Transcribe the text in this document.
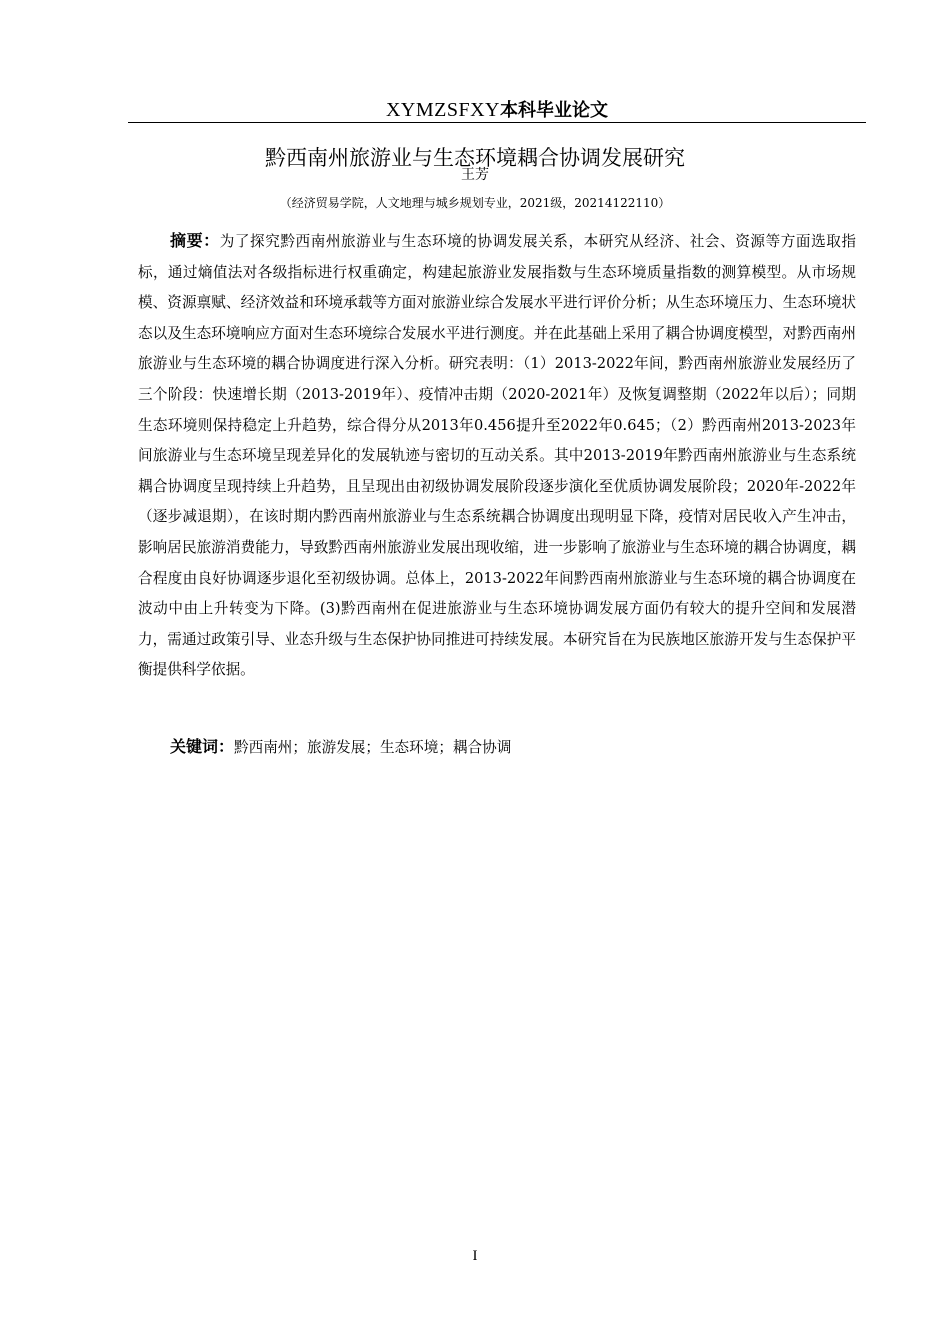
XYMZSFXY本科毕业论文
黔西南州旅游业与生态环境耦合协调发展研究
王芳
（经济贸易学院，人文地理与城乡规划专业，2021级，20214122110）

摘要：为了探究黔西南州旅游业与生态环境的协调发展关系，本研究从经济、社会、资源等方面选取指标，通过熵值法对各级指标进行权重确定，构建起旅游业发展指数与生态环境质量指数的测算模型。从市场规模、资源禀赋、经济效益和环境承载等方面对旅游业综合发展水平进行评价分析；从生态环境压力、生态环境状态以及生态环境响应方面对生态环境综合发展水平进行测度。并在此基础上采用了耦合协调度模型，对黔西南州旅游业与生态环境的耦合协调度进行深入分析。研究表明：（1）2013-2022年间，黔西南州旅游业发展经历了三个阶段：快速增长期（2013-2019年）、疫情冲击期（2020-2021年）及恢复调整期（2022年以后）；同期生态环境则保持稳定上升趋势，综合得分从2013年0.456提升至2022年0.645；（2）黔西南州2013-2023年间旅游业与生态环境呈现差异化的发展轨迹与密切的互动关系。其中2013-2019年黔西南州旅游业与生态系统耦合协调度呈现持续上升趋势，且呈现出由初级协调发展阶段逐步演化至优质协调发展阶段；2020年-2022年（逐步减退期），在该时期内黔西南州旅游业与生态系统耦合协调度出现明显下降，疫情对居民收入产生冲击，影响居民旅游消费能力，导致黔西南州旅游业发展出现收缩，进一步影响了旅游业与生态环境的耦合协调度，耦合程度由良好协调逐步退化至初级协调。总体上，2013-2022年间黔西南州旅游业与生态环境的耦合协调度在波动中由上升转变为下降。(3)黔西南州在促进旅游业与生态环境协调发展方面仍有较大的提升空间和发展潜力，需通过政策引导、业态升级与生态保护协同推进可持续发展。本研究旨在为民族地区旅游开发与生态保护平衡提供科学依据。

关键词：黔西南州；旅游发展；生态环境；耦合协调

I
